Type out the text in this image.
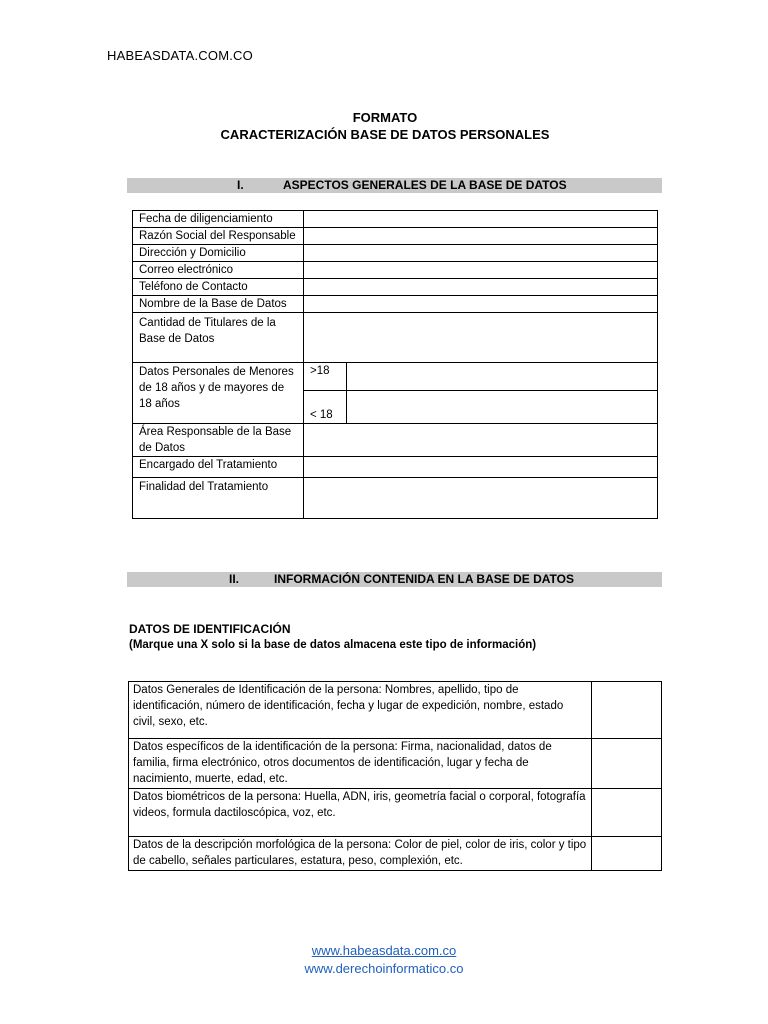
HABEASDATA.COM.CO
FORMATO
CARACTERIZACIÓN BASE DE DATOS PERSONALES
I.	ASPECTOS GENERALES DE LA BASE DE DATOS
Fecha de diligenciamiento		
Razón Social del Responsable		
Dirección y Domicilio		
Correo electrónico		
Teléfono de Contacto		
Nombre de la Base de Datos		
Cantidad de Titulares de la Base de Datos		
Datos Personales de Menores de 18 años y de mayores de 18 años	>18	
	< 18	
Área Responsable de la Base de Datos		
Encargado del Tratamiento		
Finalidad del Tratamiento		
II.	INFORMACIÓN CONTENIDA EN LA BASE DE DATOS
DATOS DE IDENTIFICACIÓN
(Marque una X solo si la base de datos almacena este tipo de información)
Datos Generales de Identificación de la persona: Nombres, apellido, tipo de identificación, número de identificación, fecha y lugar de expedición, nombre, estado civil, sexo, etc.	
Datos específicos de la identificación de la persona: Firma, nacionalidad, datos de familia, firma electrónico, otros documentos de identificación, lugar y fecha de nacimiento, muerte, edad, etc.	
Datos biométricos de la persona: Huella, ADN, iris, geometría facial o corporal, fotografía videos, formula dactiloscópica, voz, etc.	
Datos de la descripción morfológica de la persona: Color de piel, color de iris, color y tipo de cabello, señales particulares, estatura, peso, complexión, etc.	
www.habeasdata.com.co
www.derechoinformatico.co
